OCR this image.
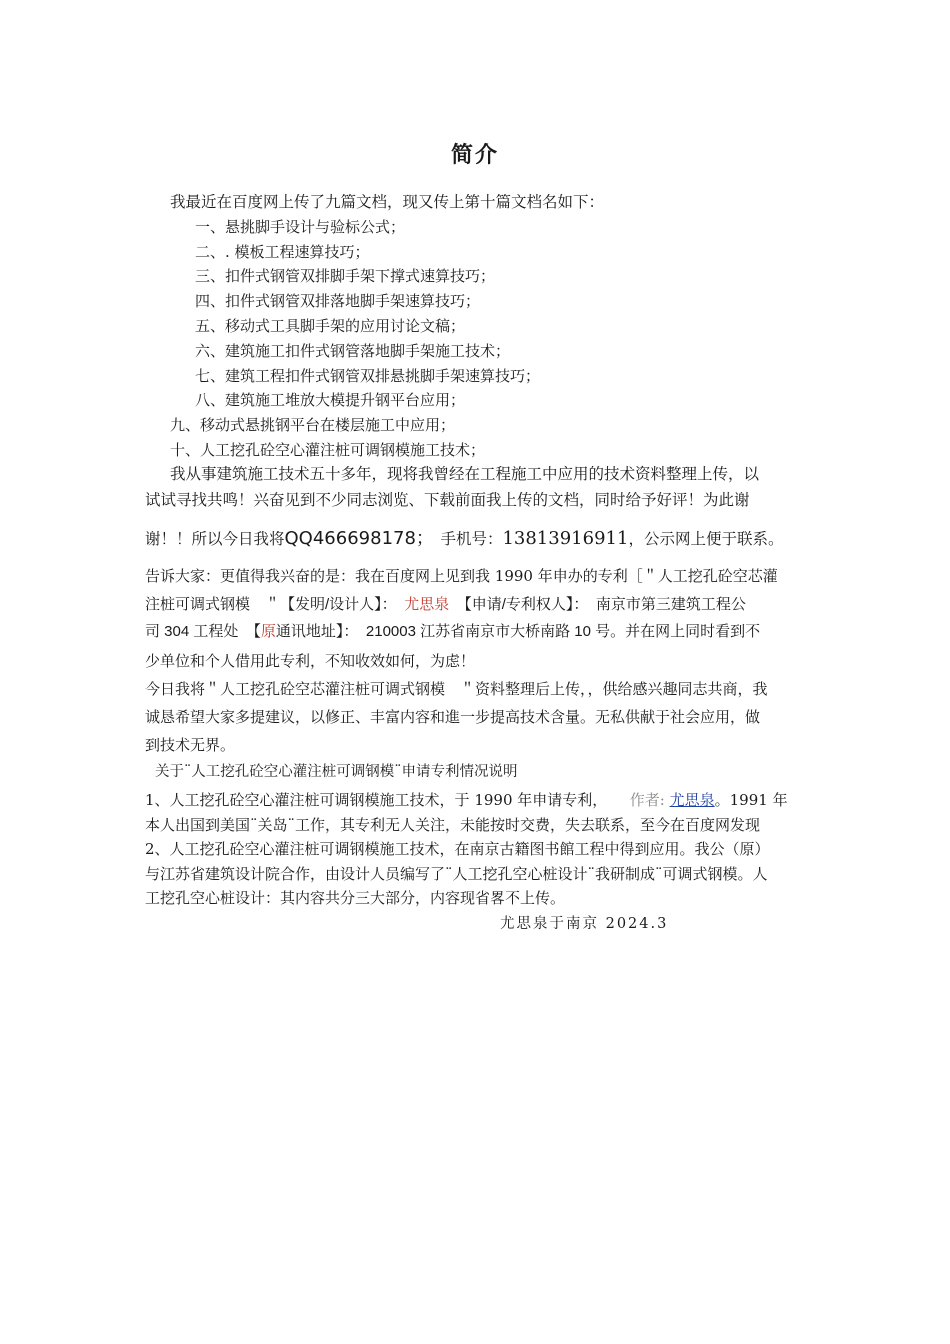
简介
我最近在百度网上传了九篇文档，现又传上第十篇文档名如下：
一、悬挑脚手设计与验标公式；
二、. 模板工程速算技巧；
三、扣件式钢管双排脚手架下撑式速算技巧；
四、扣件式钢管双排落地脚手架速算技巧；
五、移动式工具脚手架的应用讨论文稿；
六、建筑施工扣件式钢管落地脚手架施工技术；
七、建筑工程扣件式钢管双排悬挑脚手架速算技巧；
八、建筑施工堆放大模提升钢平台应用；
九、移动式悬挑钢平台在楼层施工中应用；
十、人工挖孔砼空心灌注桩可调钢模施工技术；
我从事建筑施工技术五十多年，现将我曾经在工程施工中应用的技术资料整理上传，以
试试寻找共鸣！兴奋见到不少同志浏览、下载前面我上传的文档，同时给予好评！为此谢
谢！！所以今日我将QQ466698178；　 手机号：13813916911，公示网上便于联系。
告诉大家：更值得我兴奋的是：我在百度网上见到我 1990 年申办的专利［＂人工挖孔砼空芯灌
注桩可调式钢模　＂【发明/设计人】：　 尤思泉　 【申请/专利权人】：　南京市第三建筑工程公
司 304 工程处　【原通讯地址】：　210003 江苏省南京市大桥南路 10 号。并在网上同时看到不
少单位和个人借用此专利，不知收效如何，为虑！
今日我将＂人工挖孔砼空芯灌注桩可调式钢模　＂资料整理后上传，，供给感兴趣同志共商，我
诚恳希望大家多提建议，以修正、丰富内容和進一步提高技术含量。无私供献于社会应用，做
到技术无界。
关于¨人工挖孔砼空心灌注桩可调钢模¨申请专利情况说明
1、人工挖孔砼空心灌注桩可调钢模施工技术，于 1990 年申请专利，　　 作者: 尤思泉。1991 年
本人出国到美国¨关岛¨工作，其专利无人关注，未能按时交费，失去联系，至今在百度网发现
2、人工挖孔砼空心灌注桩可调钢模施工技术，在南京古籍图书館工程中得到应用。我公（原）
与江苏省建筑设计院合作，由设计人员编写了¨人工挖孔空心桩设计¨我研制成¨可调式钢模。人
工挖孔空心桩设计：其内容共分三大部分，内容现省畧不上传。
尤思泉于南京 2024.3
